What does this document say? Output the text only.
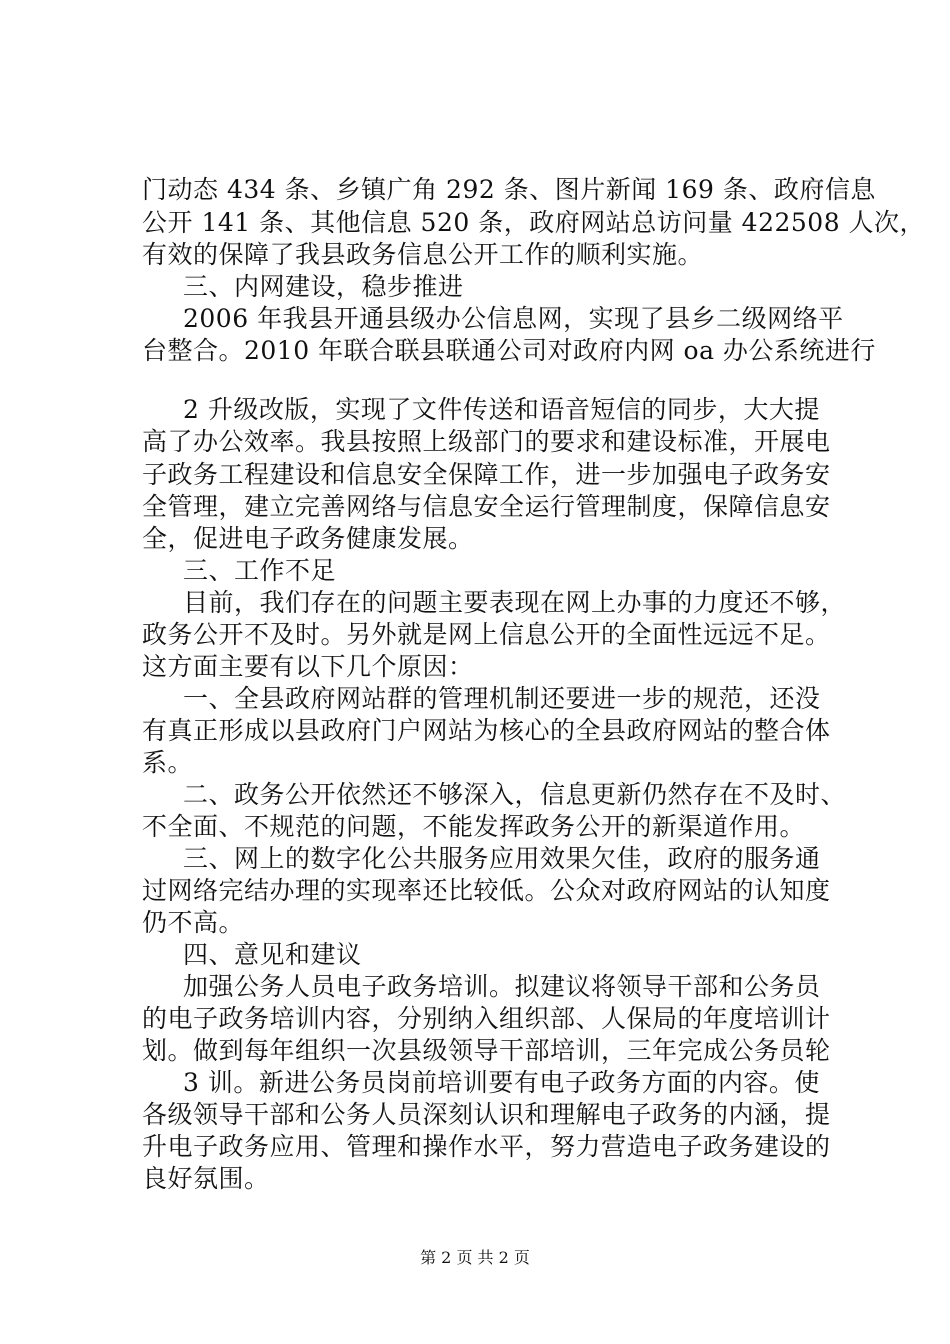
门动态 434 条、乡镇广角 292 条、图片新闻 169 条、政府信息
公开 141 条、其他信息 520 条，政府网站总访问量 422508 人次，
有效的保障了我县政务信息公开工作的顺利实施。
三、内网建设，稳步推进
2006 年我县开通县级办公信息网，实现了县乡二级网络平
台整合。2010 年联合联县联通公司对政府内网 oa 办公系统进行
2 升级改版，实现了文件传送和语音短信的同步，大大提
高了办公效率。我县按照上级部门的要求和建设标准，开展电
子政务工程建设和信息安全保障工作，进一步加强电子政务安
全管理，建立完善网络与信息安全运行管理制度，保障信息安
全，促进电子政务健康发展。
三、工作不足
目前，我们存在的问题主要表现在网上办事的力度还不够，
政务公开不及时。另外就是网上信息公开的全面性远远不足。
这方面主要有以下几个原因：
一、全县政府网站群的管理机制还要进一步的规范，还没
有真正形成以县政府门户网站为核心的全县政府网站的整合体
系。
二、政务公开依然还不够深入，信息更新仍然存在不及时、
不全面、不规范的问题，不能发挥政务公开的新渠道作用。
三、网上的数字化公共服务应用效果欠佳，政府的服务通
过网络完结办理的实现率还比较低。公众对政府网站的认知度
仍不高。
四、意见和建议
加强公务人员电子政务培训。拟建议将领导干部和公务员
的电子政务培训内容，分别纳入组织部、人保局的年度培训计
划。做到每年组织一次县级领导干部培训，三年完成公务员轮
3 训。新进公务员岗前培训要有电子政务方面的内容。使
各级领导干部和公务人员深刻认识和理解电子政务的内涵，提
升电子政务应用、管理和操作水平，努力营造电子政务建设的
良好氛围。
第 2 页 共 2 页
